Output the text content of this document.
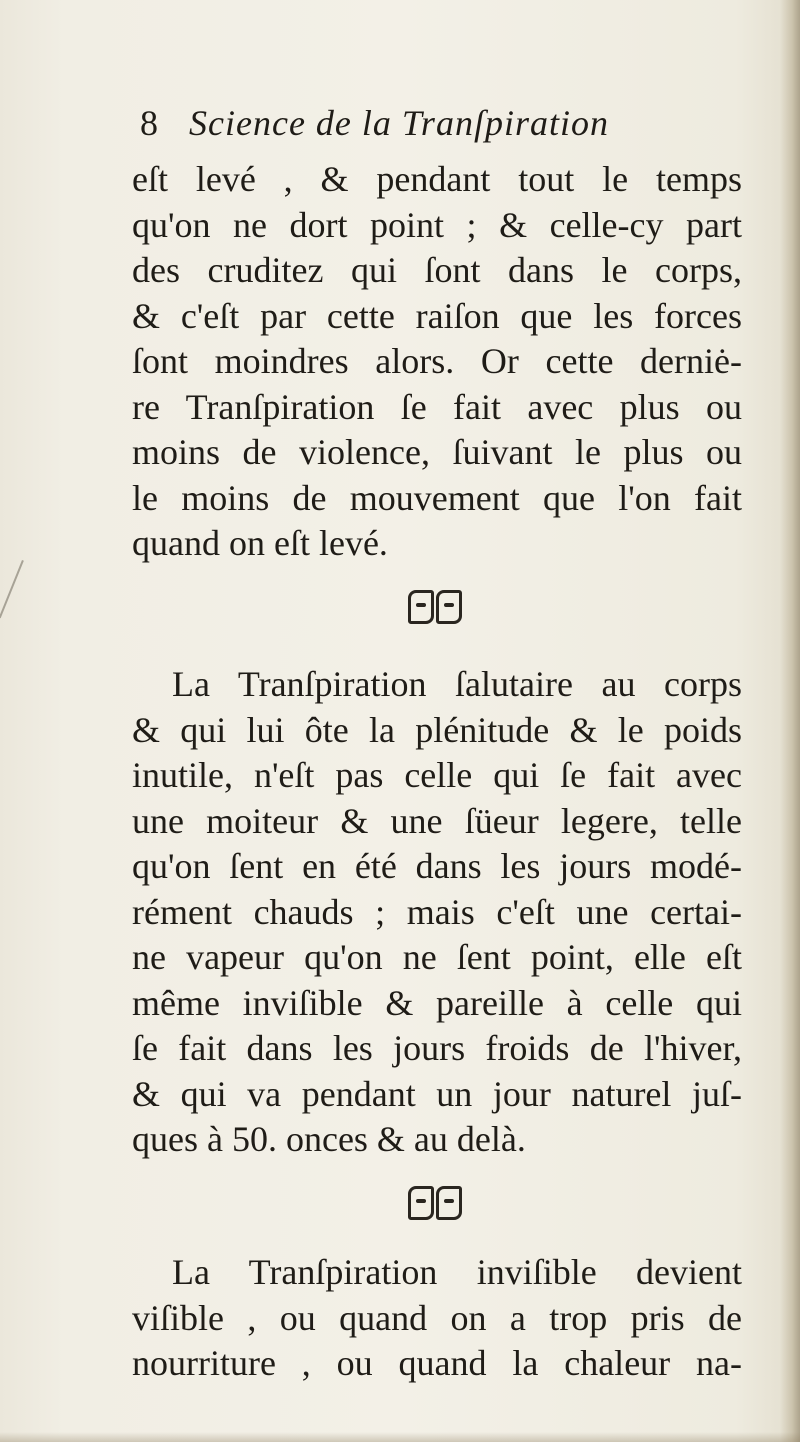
8 Science de la Tranſpiration
eſt levé , & pendant tout le temps
qu'on ne dort point ; & celle-cy part
des cruditez qui ſont dans le corps,
& c'eſt par cette raiſon que les forces
ſont moindres alors. Or cette derniė-
re Tranſpiration ſe fait avec plus ou
moins de violence, ſuivant le plus ou
le moins de mouvement que l'on fait
quand on eſt levé.
La Tranſpiration ſalutaire au corps
& qui lui ôte la plénitude & le poids
inutile, n'eſt pas celle qui ſe fait avec
une moiteur & une ſüeur legere, telle
qu'on ſent en été dans les jours modé-
rément chauds ; mais c'eſt une certai-
ne vapeur qu'on ne ſent point, elle eſt
même inviſible & pareille à celle qui
ſe fait dans les jours froids de l'hiver,
& qui va pendant un jour naturel juſ-
ques à 50. onces & au delà.
La Tranſpiration inviſible devient
viſible , ou quand on a trop pris de
nourriture , ou quand la chaleur na-
